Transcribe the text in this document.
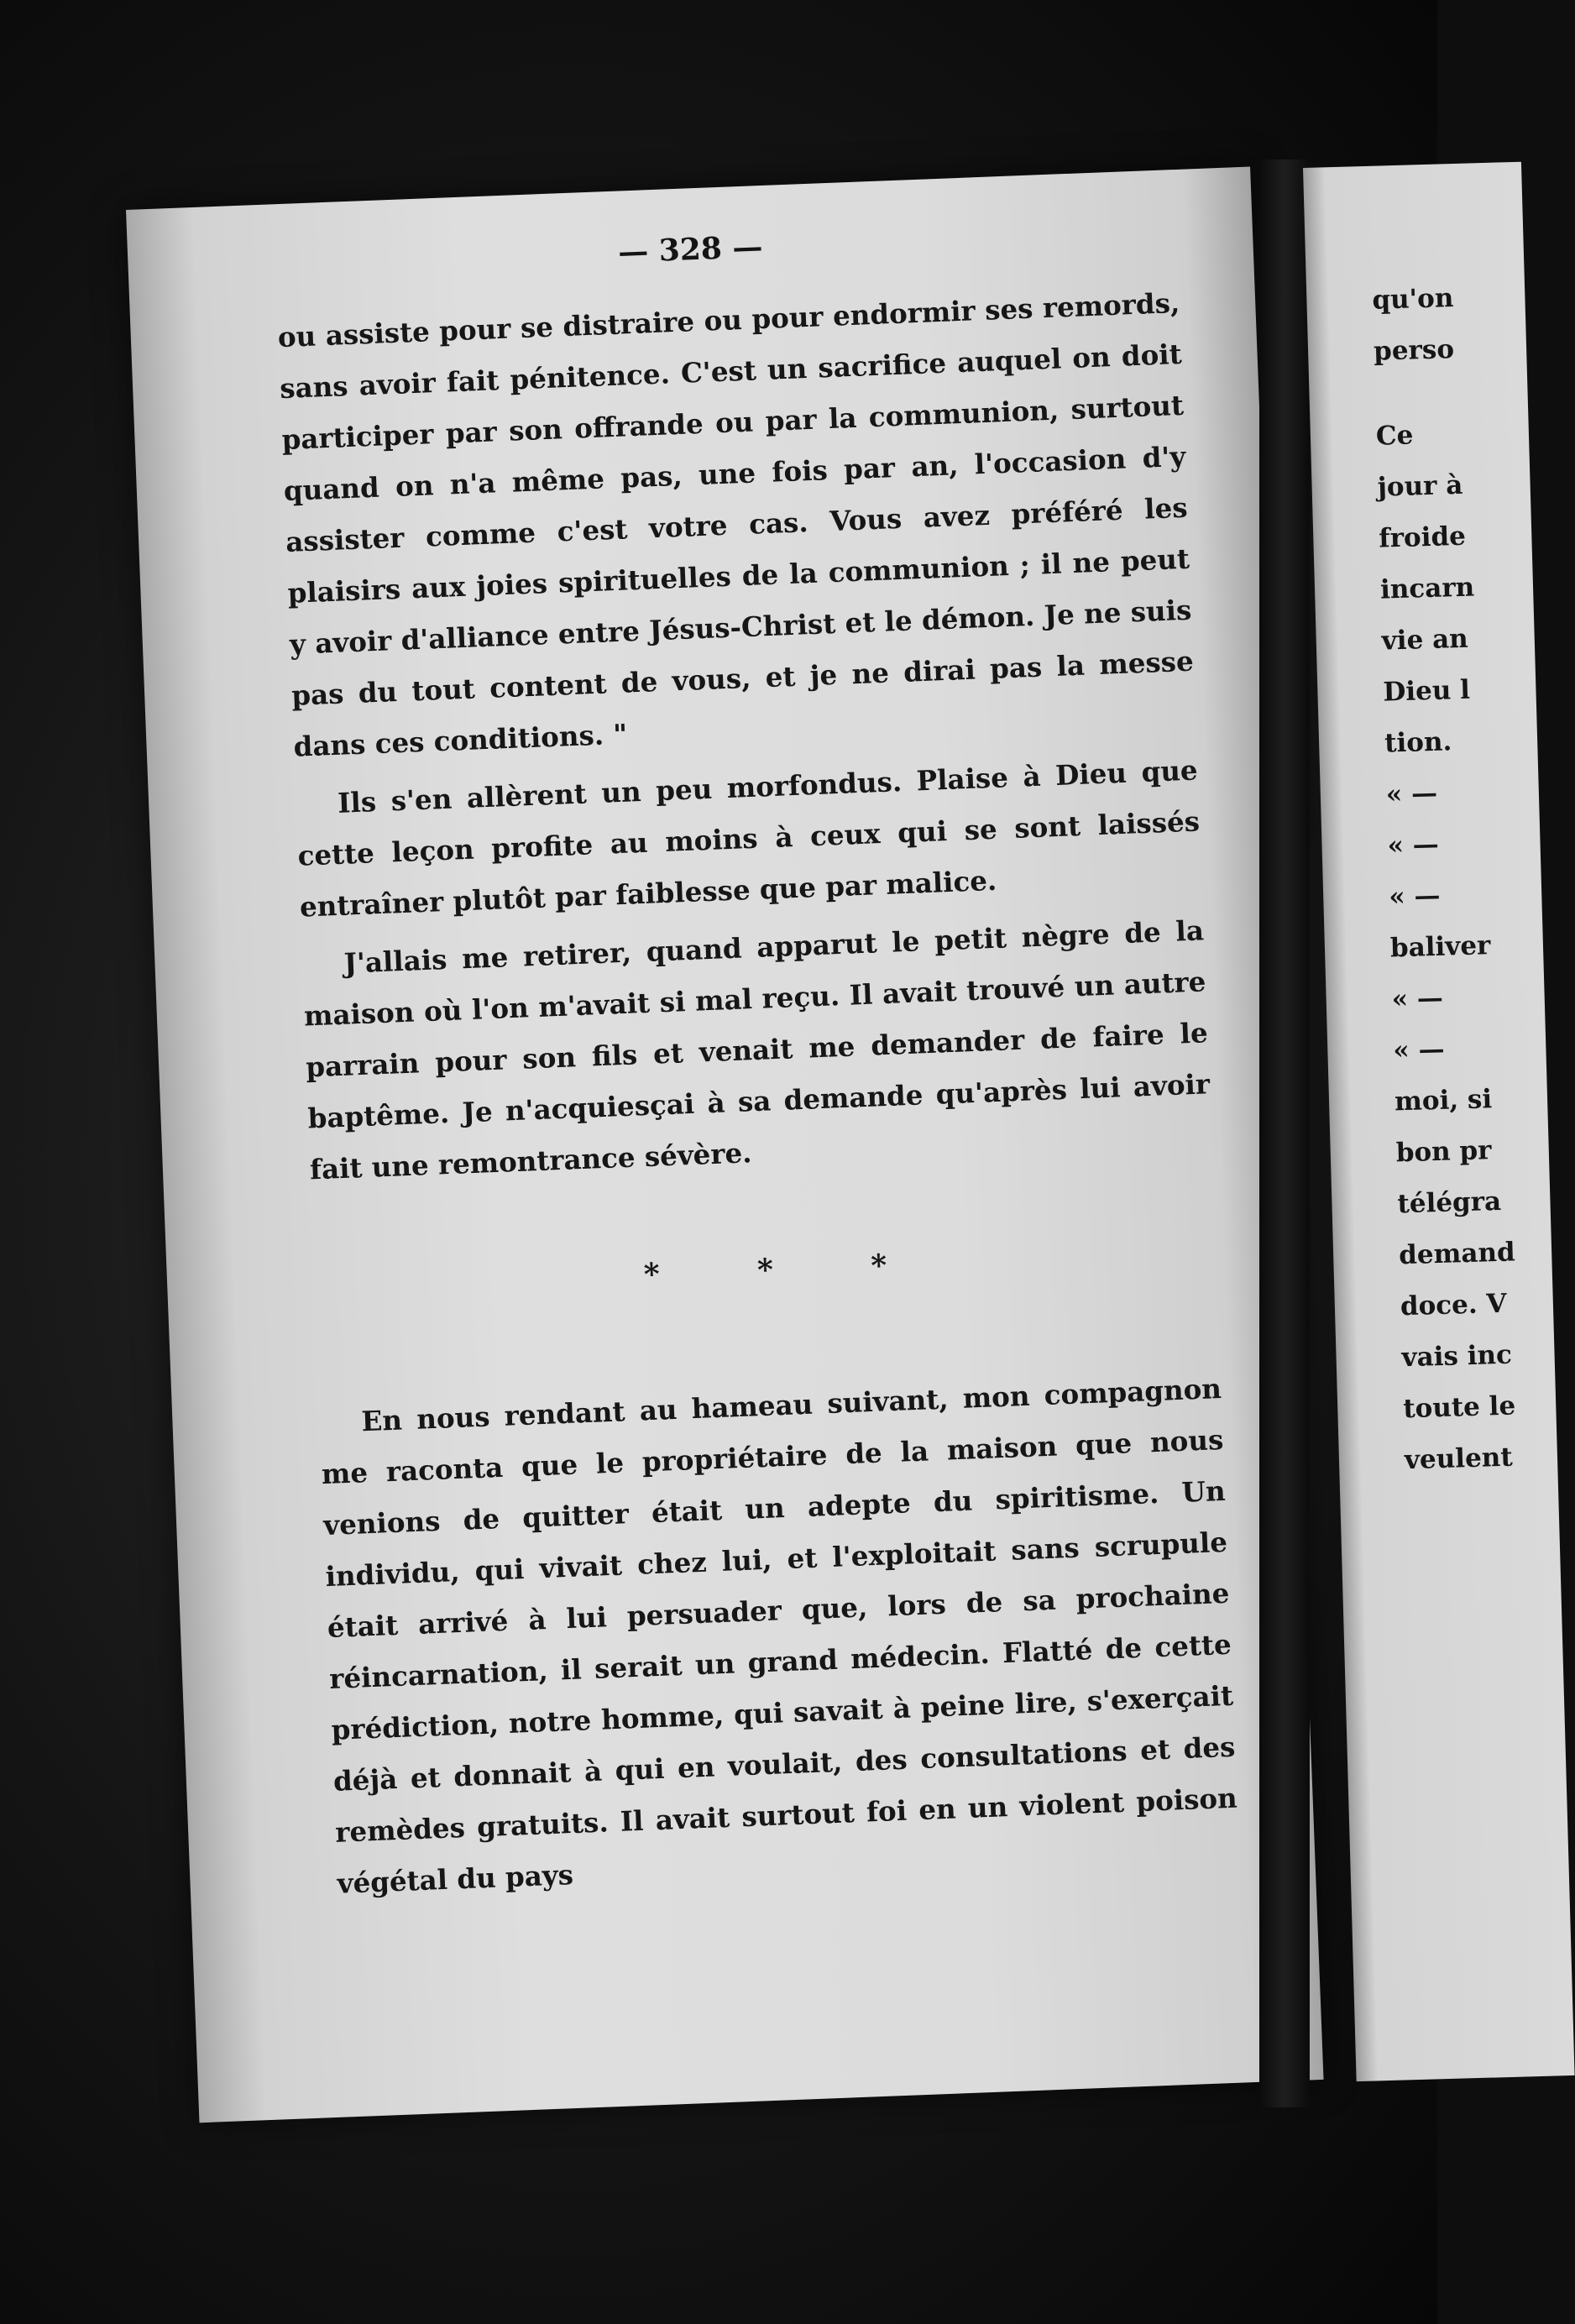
— 328 —

ou assiste pour se distraire ou pour endormir ses remords, sans avoir fait pénitence. C'est un sacrifice auquel on doit participer par son offrande ou par la communion, surtout quand on n'a même pas, une fois par an, l'occasion d'y assister comme c'est votre cas. Vous avez préféré les plaisirs aux joies spirituelles de la communion ; il ne peut y avoir d'alliance entre Jésus-Christ et le démon. Je ne suis pas du tout content de vous, et je ne dirai pas la messe dans ces conditions. "

Ils s'en allèrent un peu morfondus. Plaise à Dieu que cette leçon profite au moins à ceux qui se sont laissés entraîner plutôt par faiblesse que par malice.

J'allais me retirer, quand apparut le petit nègre de la maison où l'on m'avait si mal reçu. Il avait trouvé un autre parrain pour son fils et venait me demander de faire le baptême. Je n'acquiesçai à sa demande qu'après lui avoir fait une remontrance sévère.

* * *

En nous rendant au hameau suivant, mon compagnon me raconta que le propriétaire de la maison que nous venions de quitter était un adepte du spiritisme. Un individu, qui vivait chez lui, et l'exploitait sans scrupule était arrivé à lui persuader que, lors de sa prochaine réincarnation, il serait un grand médecin. Flatté de cette prédiction, notre homme, qui savait à peine lire, s'exerçait déjà et donnait à qui en voulait, des consultations et des remèdes gratuits. Il avait surtout foi en un violent poison végétal du pays

qu'on
perso
Ce
jour à
froide
incarn
vie an
Dieu l
tion.
« —
« —
« —
baliver
« —
« —
moi, si
bon pr
télégra
demand
doce. V
vais inc
toute le
veulent
